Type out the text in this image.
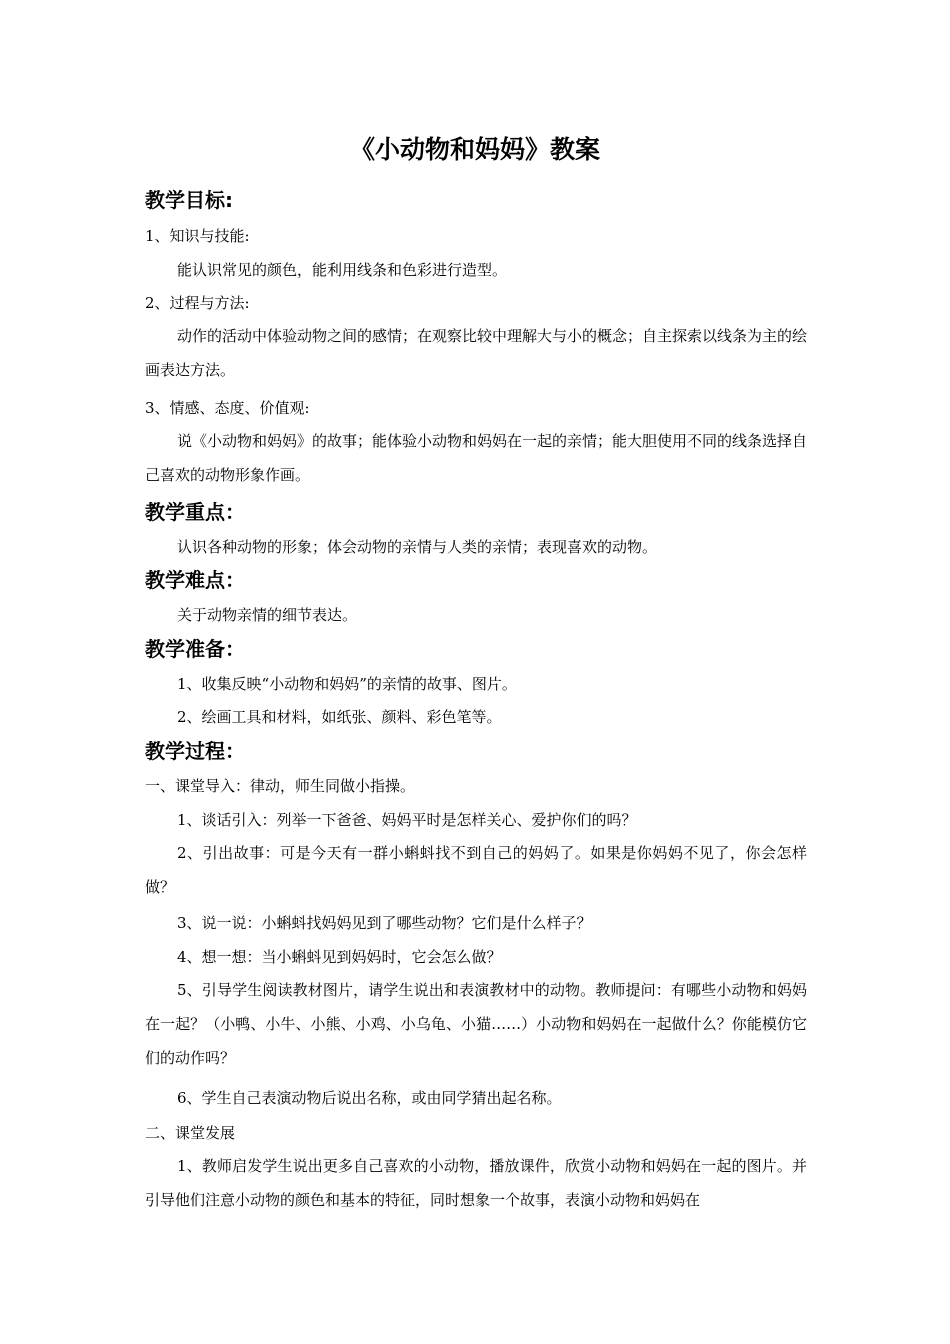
《小动物和妈妈》教案
教学目标:
1、知识与技能:
能认识常见的颜色，能利用线条和色彩进行造型。
2、过程与方法:
动作的活动中体验动物之间的感情；在观察比较中理解大与小的概念；自主探索以线条为主的绘画表达方法。
3、情感、态度、价值观:
说《小动物和妈妈》的故事；能体验小动物和妈妈在一起的亲情；能大胆使用不同的线条选择自己喜欢的动物形象作画。
教学重点：
认识各种动物的形象；体会动物的亲情与人类的亲情；表现喜欢的动物。
教学难点：
关于动物亲情的细节表达。
教学准备：
1、收集反映“小动物和妈妈”的亲情的故事、图片。
2、绘画工具和材料，如纸张、颜料、彩色笔等。
教学过程：
一、课堂导入：律动，师生同做小指操。
1、谈话引入：列举一下爸爸、妈妈平时是怎样关心、爱护你们的吗？
2、引出故事：可是今天有一群小蝌蚪找不到自己的妈妈了。如果是你妈妈不见了，你会怎样做？
3、说一说：小蝌蚪找妈妈见到了哪些动物？它们是什么样子？
4、想一想：当小蝌蚪见到妈妈时，它会怎么做？
5、引导学生阅读教材图片，请学生说出和表演教材中的动物。教师提问：有哪些小动物和妈妈在一起？（小鸭、小牛、小熊、小鸡、小乌龟、小猫……）小动物和妈妈在一起做什么？你能模仿它们的动作吗？
6、学生自己表演动物后说出名称，或由同学猜出起名称。
二、课堂发展
1、教师启发学生说出更多自己喜欢的小动物，播放课件，欣赏小动物和妈妈在一起的图片。并引导他们注意小动物的颜色和基本的特征，同时想象一个故事，表演小动物和妈妈在
